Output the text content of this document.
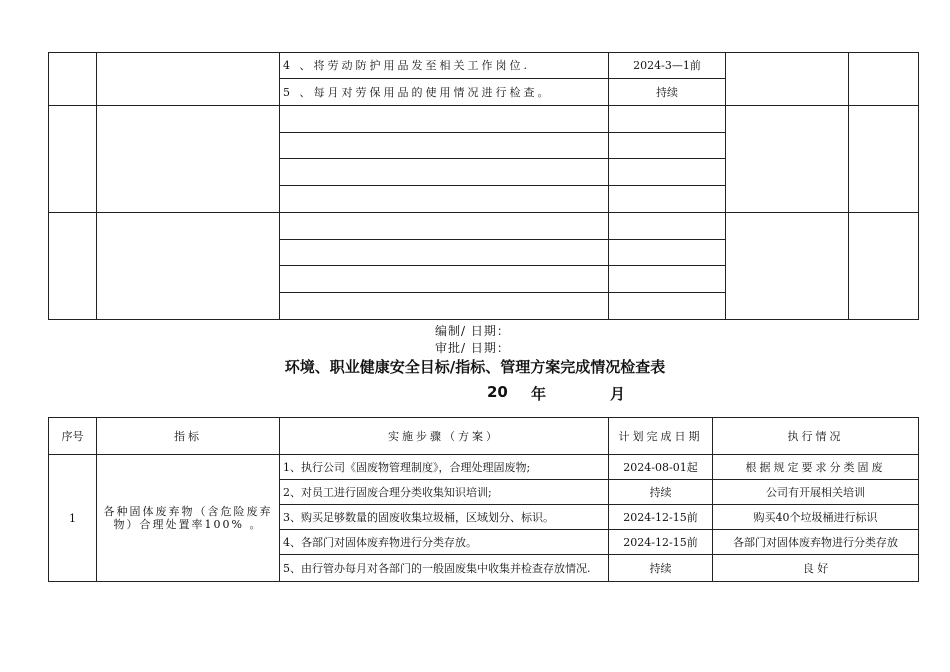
		4 、将劳动防护用品发至相关工作岗位.	2024-3—1前		
		5 、每月对劳保用品的使用情况进行检查。	持续		

编制/ 日期：
审批/ 日期：
环境、职业健康安全目标/指标、管理方案完成情况检查表
20 年	月
序号	指标	实施步骤（方案）	计划完成日期	执行情况
1	各种固体废弃物（含危险废弃物）合理处置率100% 。	1、执行公司《固废物管理制度》，合理处理固废物;	2024-08-01起	根据规定要求分类固废
		2、对员工进行固废合理分类收集知识培训;	持续	公司有开展相关培训
		3、购买足够数量的固废收集垃圾桶，区域划分、标识。	2024-12-15前	购买40个垃圾桶进行标识
		4、各部门对固体废弃物进行分类存放。	2024-12-15前	各部门对固体废弃物进行分类存放
		5、由行管办每月对各部门的一般固废集中收集并检查存放情况.	持续	良 好
